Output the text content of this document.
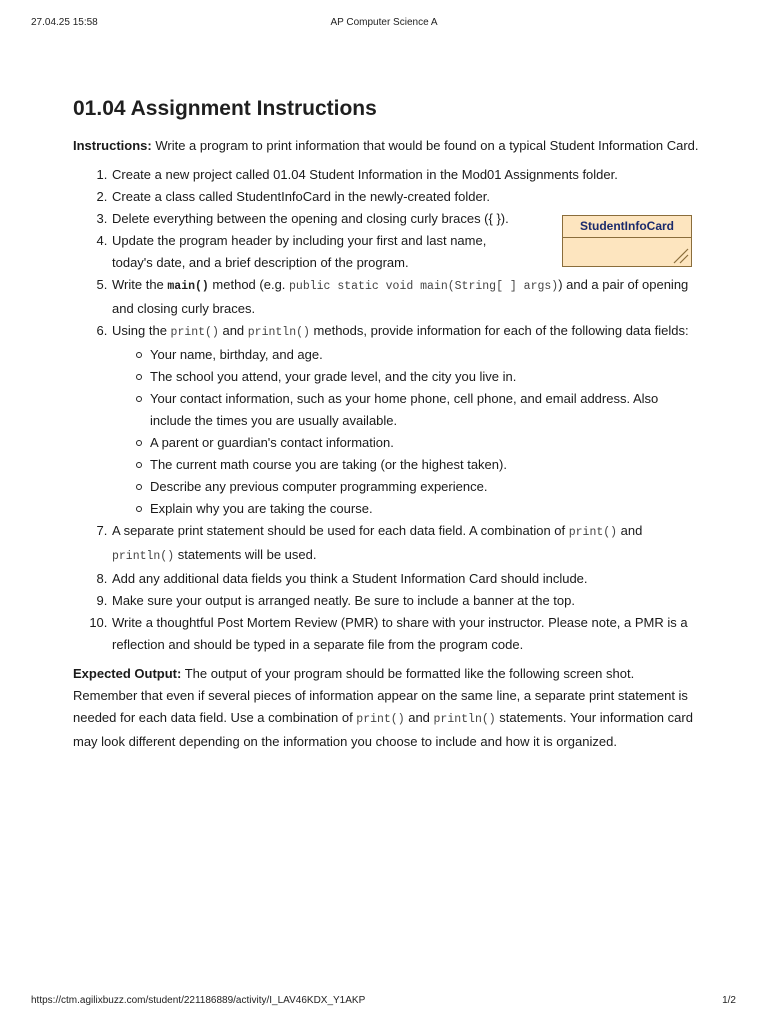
27.04.25 15:58	AP Computer Science A
01.04 Assignment Instructions

Instructions: Write a program to print information that would be found on a typical Student Information Card.

1. Create a new project called 01.04 Student Information in the Mod01 Assignments folder.
2. Create a class called StudentInfoCard in the newly-created folder.
3. Delete everything between the opening and closing curly braces ({ }).
4. Update the program header by including your first and last name, today's date, and a brief description of the program.
5. Write the main() method (e.g. public static void main(String[ ] args)) and a pair of opening and closing curly braces.
6. Using the print() and println() methods, provide information for each of the following data fields:
Your name, birthday, and age.
The school you attend, your grade level, and the city you live in.
Your contact information, such as your home phone, cell phone, and email address. Also include the times you are usually available.
A parent or guardian's contact information.
The current math course you are taking (or the highest taken).
Describe any previous computer programming experience.
Explain why you are taking the course.
7. A separate print statement should be used for each data field. A combination of print() and println() statements will be used.
8. Add any additional data fields you think a Student Information Card should include.
9. Make sure your output is arranged neatly. Be sure to include a banner at the top.
10. Write a thoughtful Post Mortem Review (PMR) to share with your instructor. Please note, a PMR is a reflection and should be typed in a separate file from the program code.

Expected Output: The output of your program should be formatted like the following screen shot. Remember that even if several pieces of information appear on the same line, a separate print statement is needed for each data field. Use a combination of print() and println() statements. Your information card may look different depending on the information you choose to include and how it is organized.

StudentInfoCard
https://ctm.agilixbuzz.com/student/221186889/activity/I_LAV46KDX_Y1AKP	1/2
